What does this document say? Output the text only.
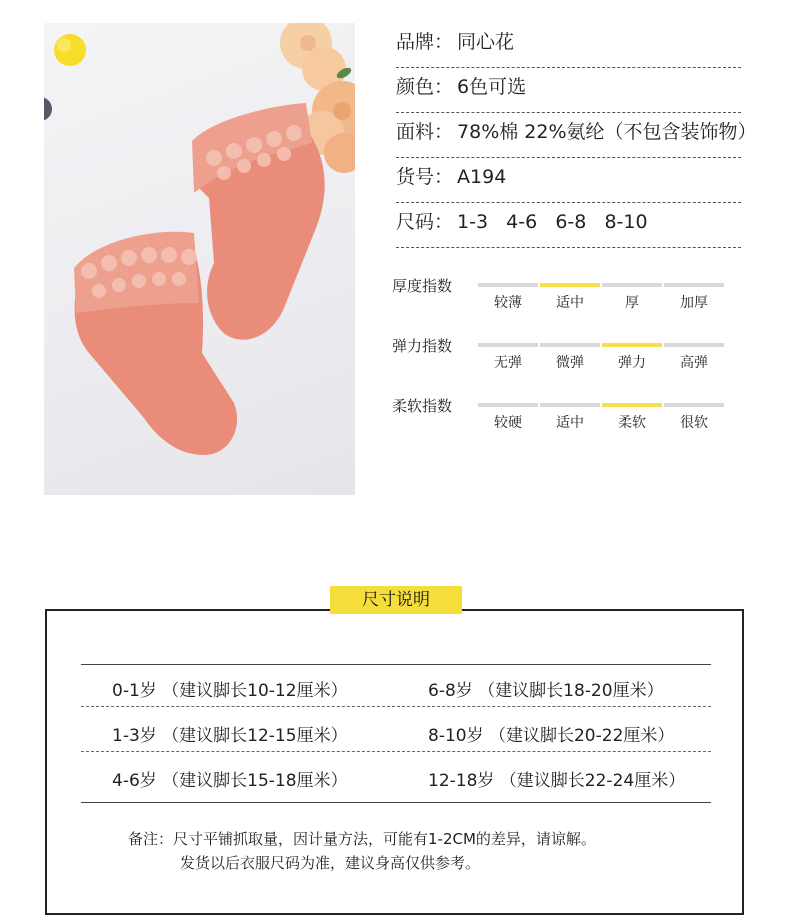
品牌： 同心花
颜色： 6色可选
面料： 78%棉 22%氨纶（不包含装饰物）
货号： A194
尺码： 1-3   4-6   6-8   8-10
厚度指数
较薄	适中	厚	加厚
弹力指数
无弹	微弹	弹力	高弹
柔软指数
较硬	适中	柔软	很软
尺寸说明
0-1岁 （建议脚长10-12厘米）	6-8岁 （建议脚长18-20厘米）
1-3岁 （建议脚长12-15厘米）	8-10岁 （建议脚长20-22厘米）
4-6岁 （建议脚长15-18厘米）	12-18岁 （建议脚长22-24厘米）
备注：尺寸平铺抓取量，因计量方法，可能有1-2CM的差异，请谅解。
发货以后衣服尺码为准，建议身高仅供参考。
